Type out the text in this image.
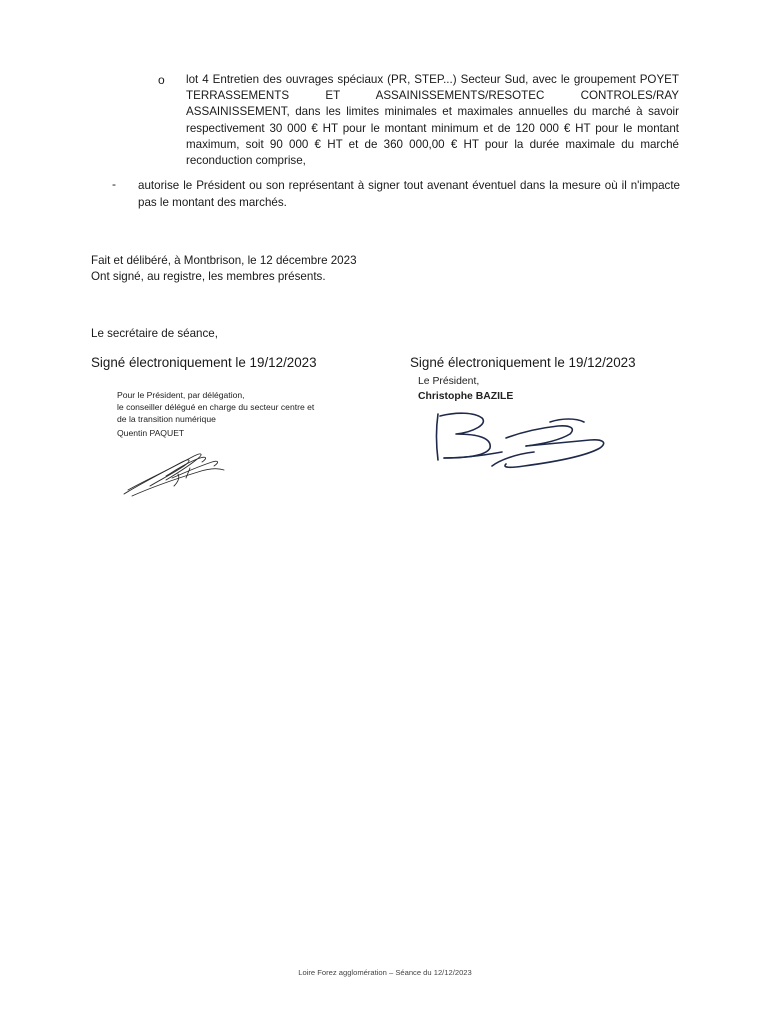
o lot 4 Entretien des ouvrages spéciaux (PR, STEP...) Secteur Sud, avec le groupement POYET TERRASSEMENTS ET ASSAINISSEMENTS/RESOTEC CONTROLES/RAY ASSAINISSEMENT, dans les limites minimales et maximales annuelles du marché à savoir respectivement 30 000 € HT pour le montant minimum et de 120 000 € HT pour le montant maximum, soit 90 000 € HT et de 360 000,00 € HT pour la durée maximale du marché reconduction comprise,
- autorise le Président ou son représentant à signer tout avenant éventuel dans la mesure où il n'impacte pas le montant des marchés.
Fait et délibéré, à Montbrison, le 12 décembre 2023
Ont signé, au registre, les membres présents.
Le secrétaire de séance,
Signé électroniquement le 19/12/2023	Signé électroniquement le 19/12/2023
Pour le Président, par délégation,
le conseiller délégué en charge du secteur centre et
de la transition numérique
Quentin PAQUET
Le Président,
Christophe BAZILE
Loire Forez agglomération – Séance du 12/12/2023
